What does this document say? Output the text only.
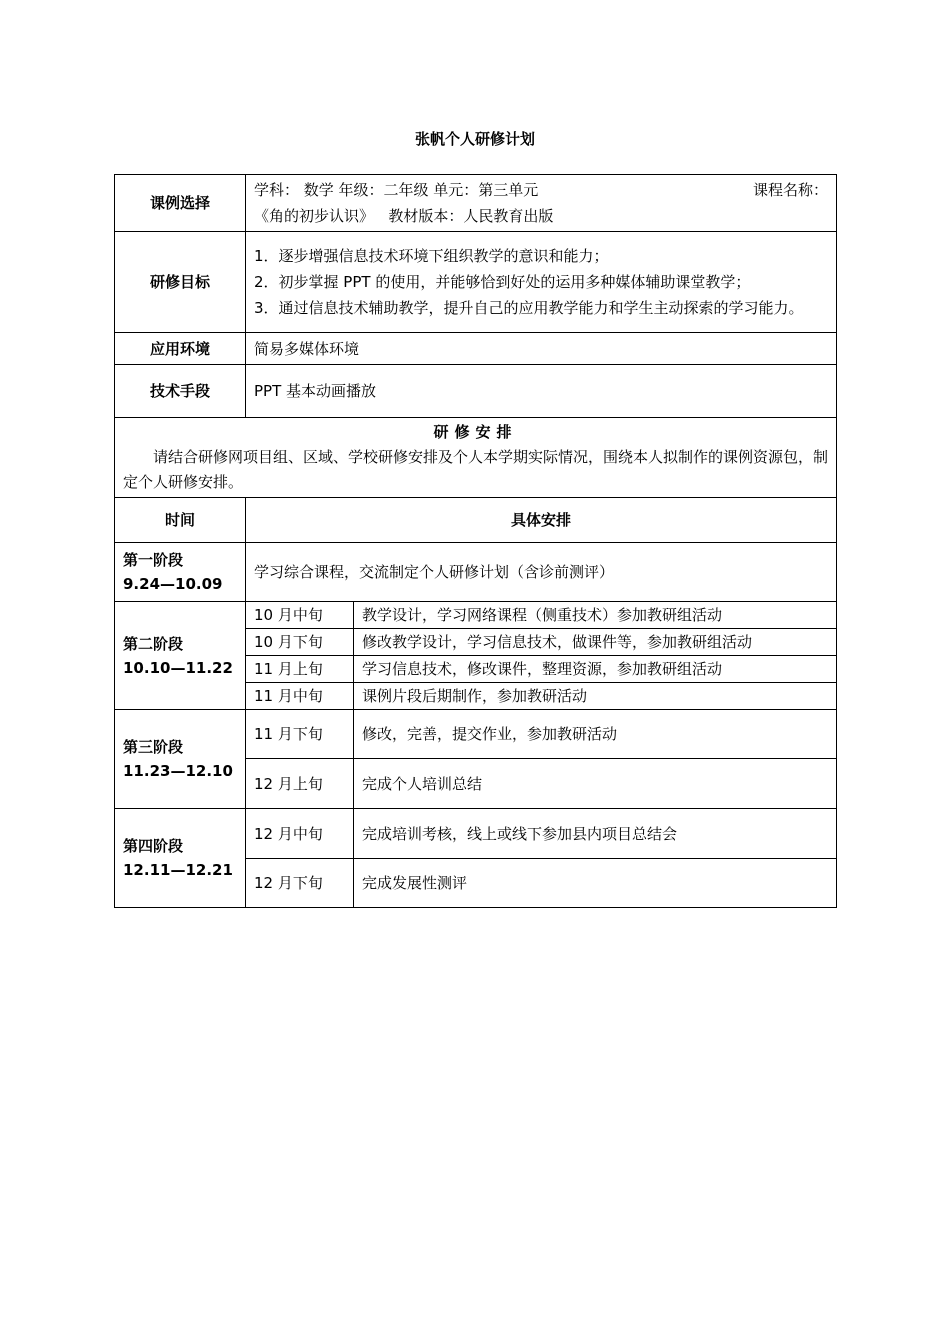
张帆个人研修计划
课例选择	学科： 数学 年级：二年级 单元：第三单元 课程名称：

《角的初步认识》   教材版本：人民教育出版	
研修目标	1．逐步增强信息技术环境下组织教学的意识和能力；
2．初步掌握 PPT 的使用，并能够恰到好处的运用多种媒体辅助课堂教学；
3．通过信息技术辅助教学，提升自己的应用教学能力和学生主动探索的学习能力。	

应用环境	简易多媒体环境	
技术手段	PPT 基本动画播放	

研修安排
请结合研修网项目组、区域、学校研修安排及个人本学期实际情况，围绕本人拟制作的课例资源包，制定个人研修安排。		

时间	具体安排	

第一阶段
9.24—10.09	学习综合课程，交流制定个人研修计划（含诊前测评）	

第二阶段
10.10—11.22	10 月中旬	教学设计，学习网络课程（侧重技术）参加教研组活动
	10 月下旬	修改教学设计，学习信息技术，做课件等，参加教研组活动
	11 月上旬	学习信息技术，修改课件，整理资源，参加教研组活动
	11 月中旬	课例片段后期制作，参加教研活动

第三阶段
11.23—12.10	11 月下旬	修改，完善，提交作业，参加教研活动
	12 月上旬	完成个人培训总结

第四阶段
12.11—12.21	12 月中旬	完成培训考核，线上或线下参加县内项目总结会
	12 月下旬	完成发展性测评
